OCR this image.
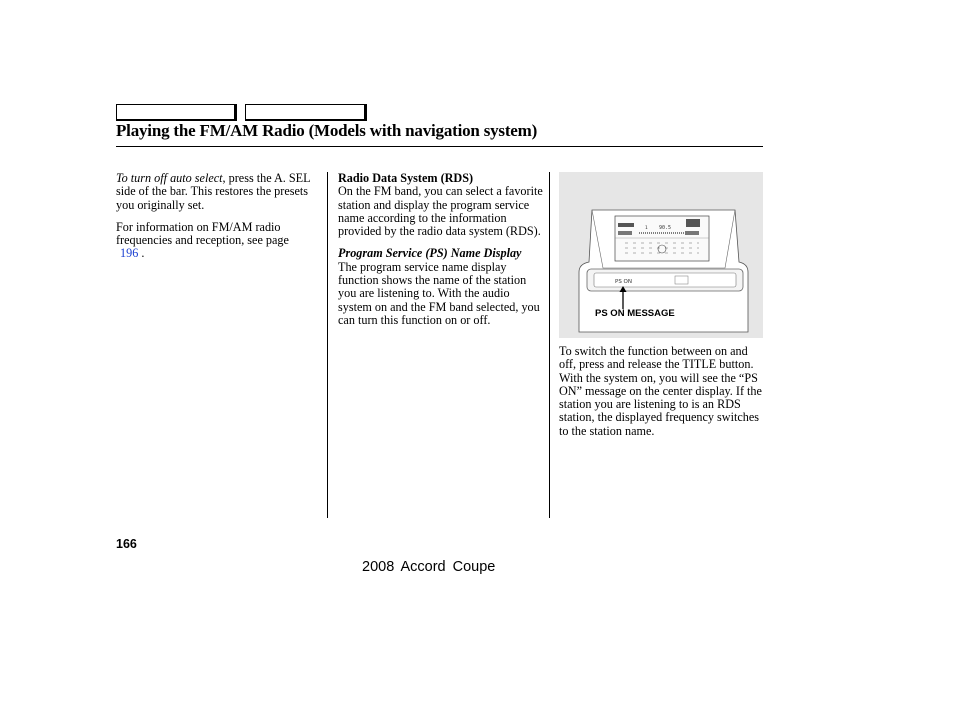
Playing the FM/AM Radio (Models with navigation system)

To turn off auto select, press the A. SEL side of the bar. This restores the presets you originally set.

For information on FM/AM radio frequencies and reception, see page
196 .

Radio Data System (RDS)
On the FM band, you can select a favorite station and display the program service name according to the information provided by the radio data system (RDS).

Program Service (PS) Name Display
The program service name display function shows the name of the station you are listening to. With the audio system on and the FM band selected, you can turn this function on or off.

1 90.5
PS ON
PS ON MESSAGE

To switch the function between on and off, press and release the TITLE button. With the system on, you will see the “PS ON” message on the center display. If the station you are listening to is an RDS station, the displayed frequency switches to the station name.

166
2008 Accord Coupe
